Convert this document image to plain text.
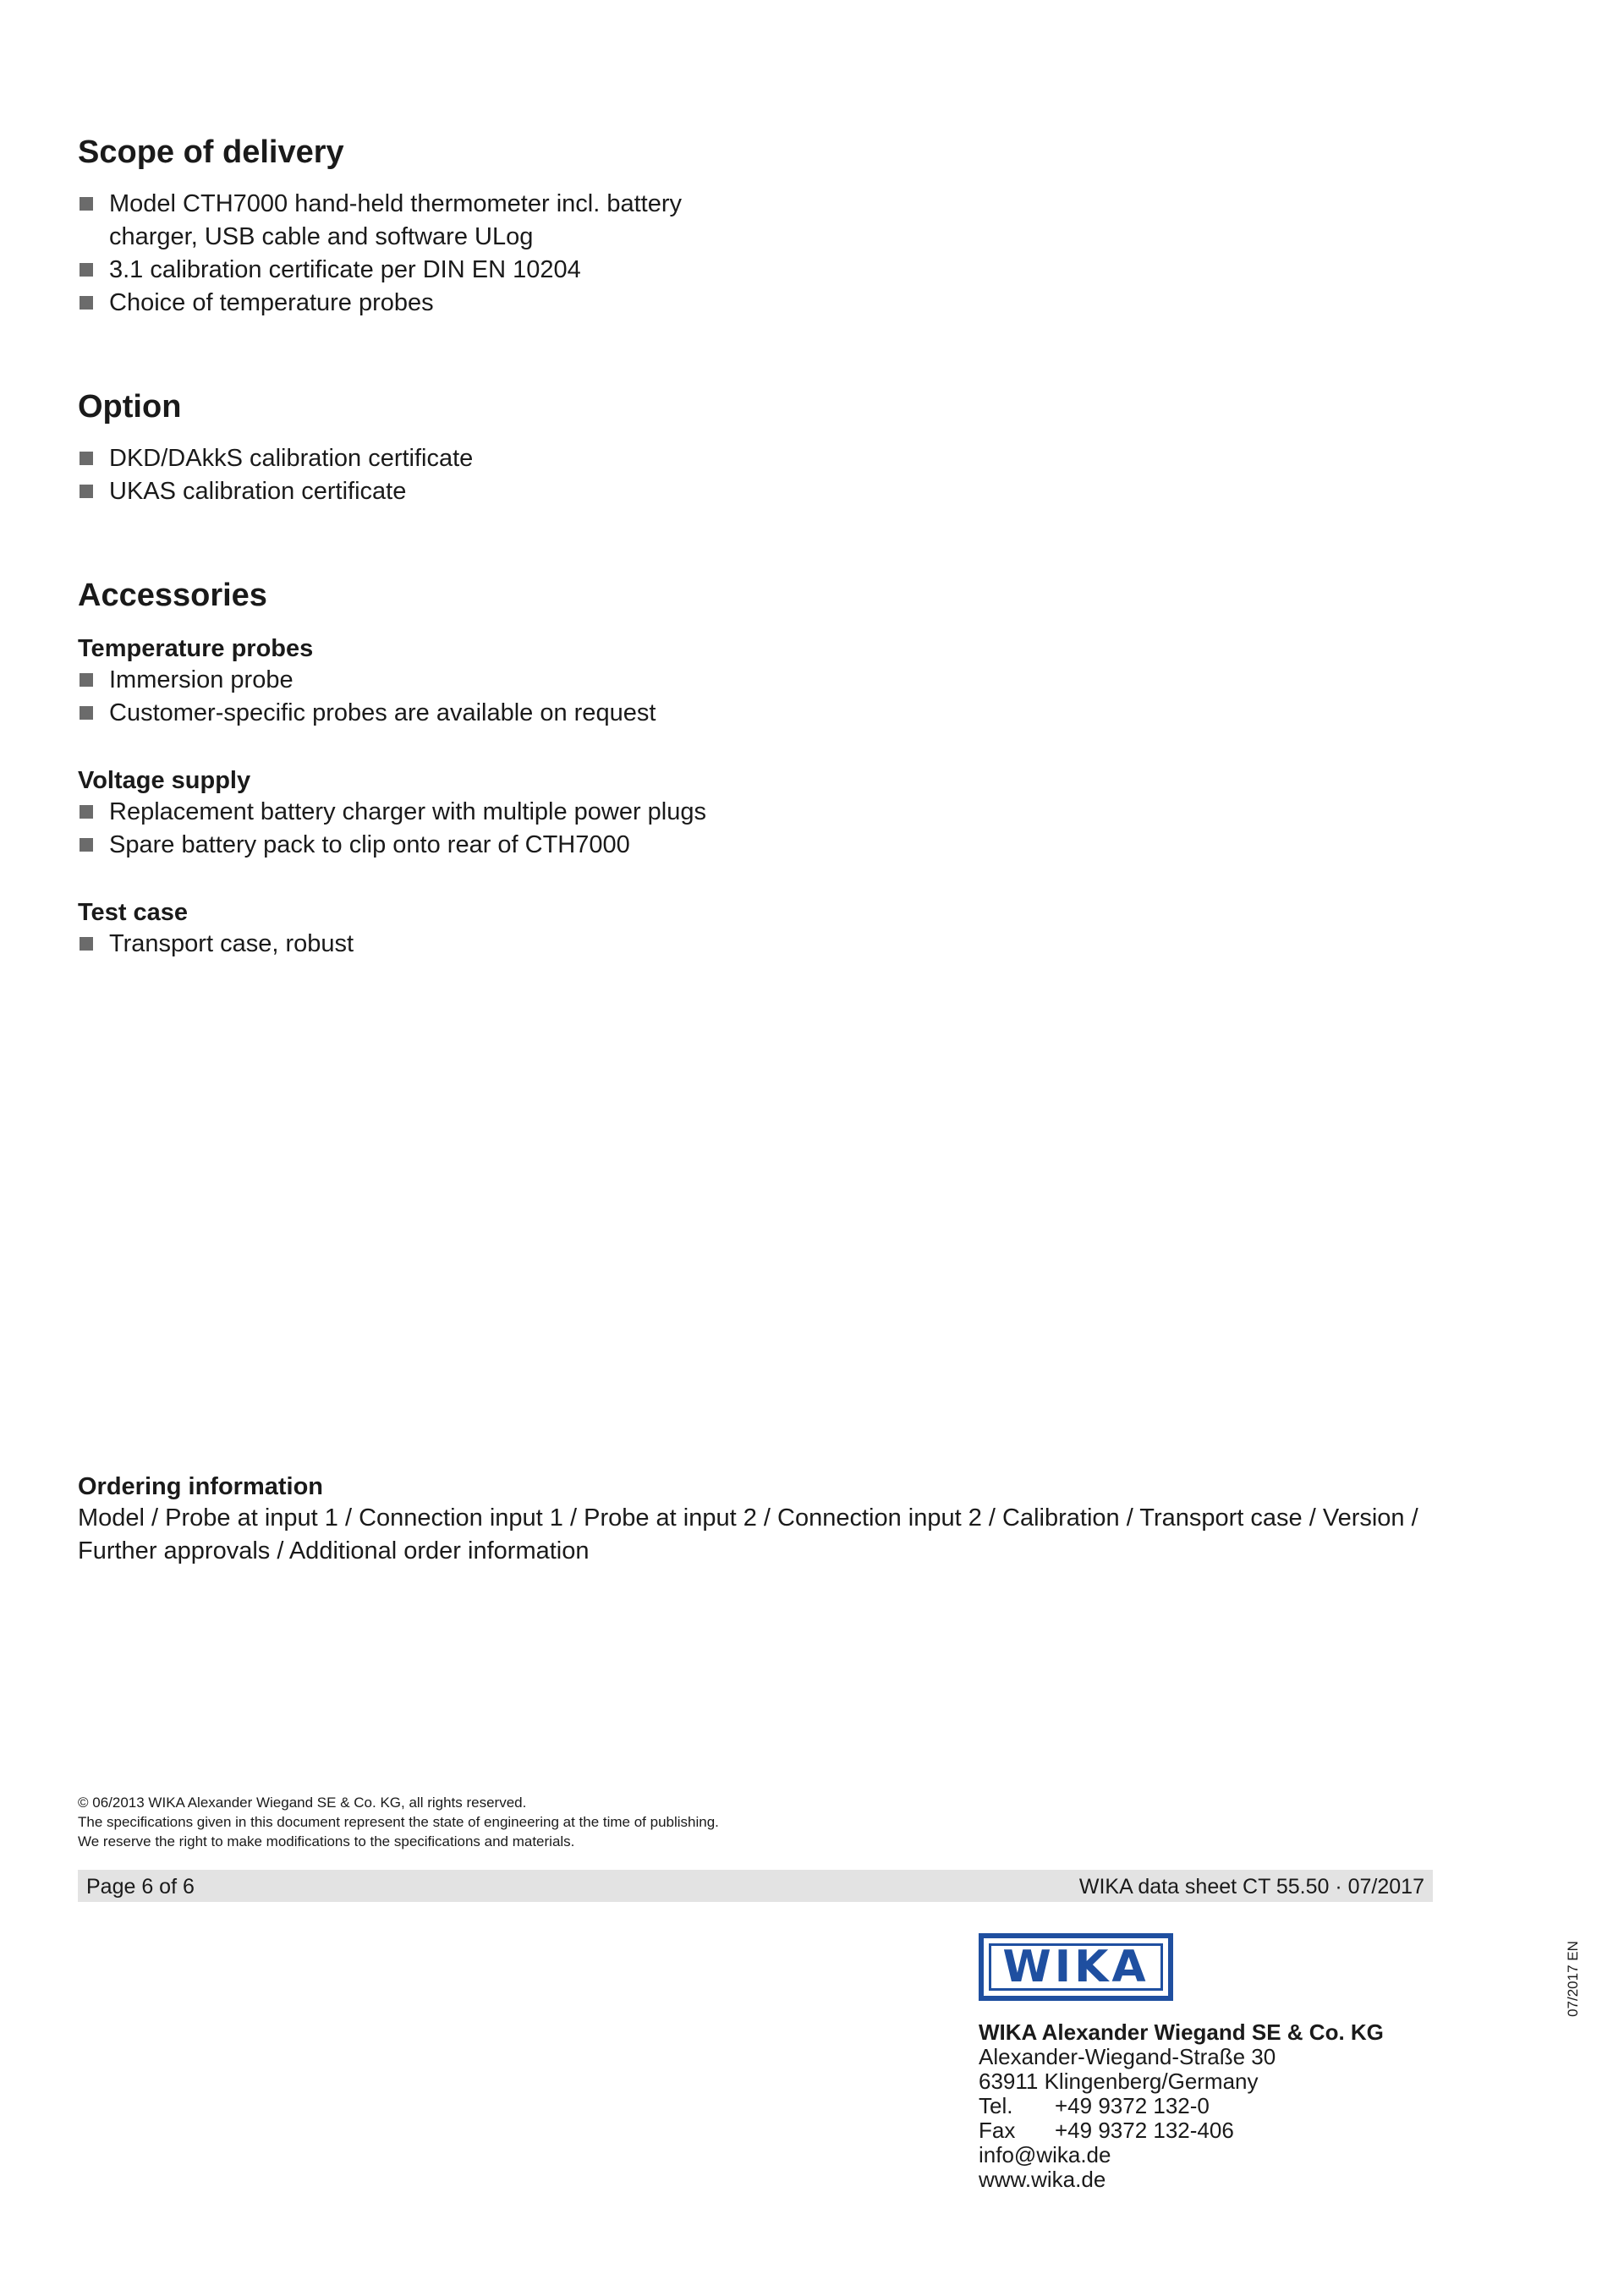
Scope of delivery
Model CTH7000 hand-held thermometer incl. battery
charger, USB cable and software ULog
3.1 calibration certificate per DIN EN 10204
Choice of temperature probes
Option
DKD/DAkkS calibration certificate
UKAS calibration certificate
Accessories
Temperature probes
Immersion probe
Customer-specific probes are available on request
Voltage supply
Replacement battery charger with multiple power plugs
Spare battery pack to clip onto rear of CTH7000
Test case
Transport case, robust
Ordering information

Model / Probe at input 1 / Connection input 1 / Probe at input 2 / Connection input 2 / Calibration / Transport case / Version /
Further approvals / Additional order information

© 06/2013 WIKA Alexander Wiegand SE & Co. KG, all rights reserved.
The specifications given in this document represent the state of engineering at the time of publishing.
We reserve the right to make modifications to the specifications and materials.
Page 6 of 6	WIKA data sheet CT 55.50 · 07/2017
07/2017 EN
WIKA
WIKA Alexander Wiegand SE & Co. KG
Alexander-Wiegand-Straße 30
63911 Klingenberg/Germany
Tel. +49 9372 132-0
Fax +49 9372 132-406
info@wika.de
www.wika.de
